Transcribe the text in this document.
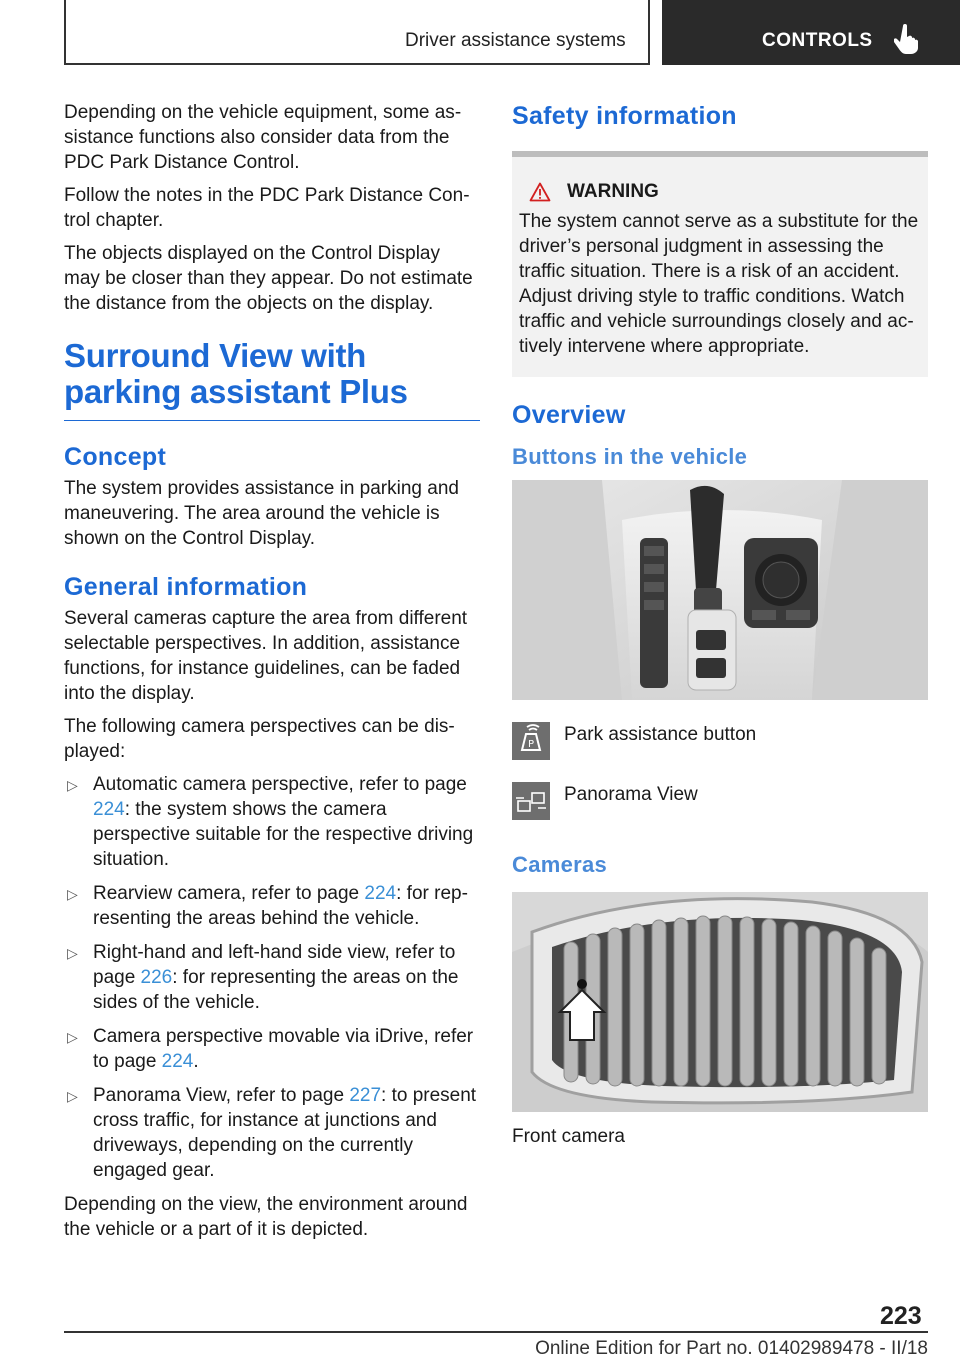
Driver assistance systems	CONTROLS

Depending on the vehicle equipment, some assistance functions also consider data from the PDC Park Distance Control.

Follow the notes in the PDC Park Distance Control chapter.

The objects displayed on the Control Display may be closer than they appear. Do not estimate the distance from the objects on the display.

Surround View with parking assistant Plus
Concept

The system provides assistance in parking and maneuvering. The area around the vehicle is shown on the Control Display.

General information

Several cameras capture the area from different selectable perspectives. In addition, assistance functions, for instance guidelines, can be faded into the display.

The following camera perspectives can be displayed:

▷ Automatic camera perspective, refer to page 224: the system shows the camera perspective suitable for the respective driving situation.
▷ Rearview camera, refer to page 224: for representing the areas behind the vehicle.
▷ Right-hand and left-hand side view, refer to page 226: for representing the areas on the sides of the vehicle.
▷ Camera perspective movable via iDrive, refer to page 224.
▷ Panorama View, refer to page 227: to present cross traffic, for instance at junctions and driveways, depending on the currently engaged gear.

Depending on the view, the environment around the vehicle or a part of it is depicted.

Safety information
WARNING

The system cannot serve as a substitute for the driver’s personal judgment in assessing the traffic situation. There is a risk of an accident. Adjust driving style to traffic conditions. Watch traffic and vehicle surroundings closely and actively intervene where appropriate.

Overview
Buttons in the vehicle
P Park assistance button
Panorama View
Cameras

Front camera

223
Online Edition for Part no. 01402989478 - II/18
